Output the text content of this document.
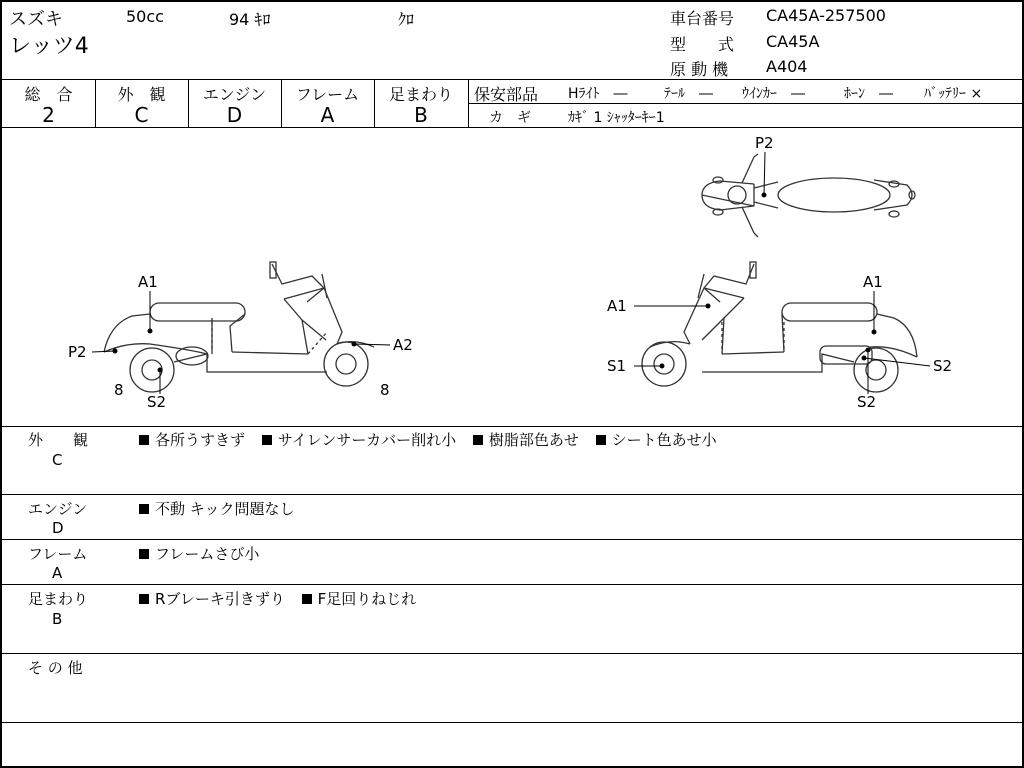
スズキ
レッツ4
50cc	94 ｷﾛ	ｸﾛ	車台番号 CA45A-257500
型　　式 CA45A
原 動 機 A404
総　合
2
外　観
C
エンジン
D
フレーム
A
足まわり
B
保安部品 Hﾗｲﾄ　―	ﾃｰﾙ　― ｳｲﾝｶｰ　―	ﾎｰﾝ　― ﾊﾞｯﾃﾘｰ ×
カ　ギ	ｶｷﾞ 1 ｼｬｯﾀｰｷｰ1
P2
A1
P2	A2
8
S2
8
A1
A1
S1	S2
S2
外　　観
C
各所うすきず サイレンサーカバー削れ小 樹脂部色あせ シート色あせ小
エンジン
D
不動 キック問題なし
フレーム
A
フレームさび小
足まわり
B
Rブレーキ引きずり F足回りねじれ
そ の 他
